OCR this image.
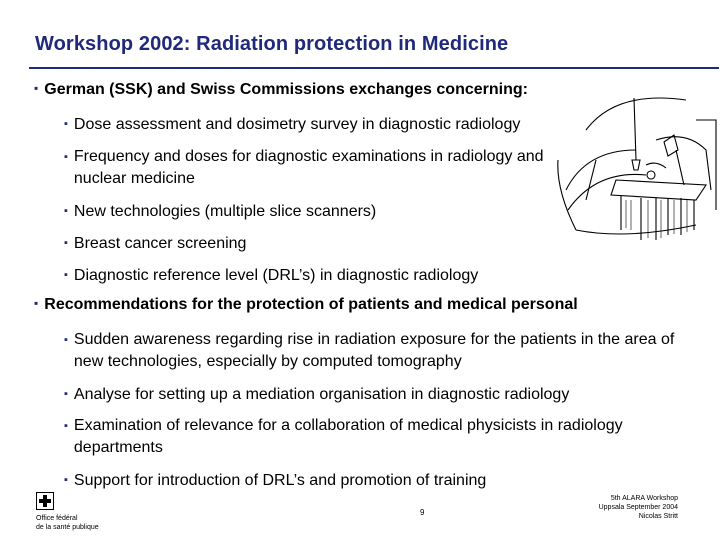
Workshop 2002: Radiation protection in Medicine
▪ German (SSK) and Swiss Commissions exchanges concerning:
▪ Dose assessment and dosimetry survey in diagnostic radiology
▪ Frequency and doses for diagnostic examinations in radiology and nuclear medicine
▪ New technologies (multiple slice scanners)
▪ Breast cancer screening
▪ Diagnostic reference level (DRL’s) in diagnostic radiology
▪ Recommendations for the protection of patients and medical personal
▪ Sudden awareness regarding rise in radiation exposure for the patients in the area of new technologies, especially by computed tomography
▪ Analyse for setting up a mediation organisation in diagnostic radiology
▪ Examination of relevance for a collaboration of medical physicists in radiology departments
▪ Support for introduction of DRL’s and promotion of training
Office fédéral
de la santé publique
9
5th ALARA Workshop
Uppsala September 2004
Nicolas Stritt
